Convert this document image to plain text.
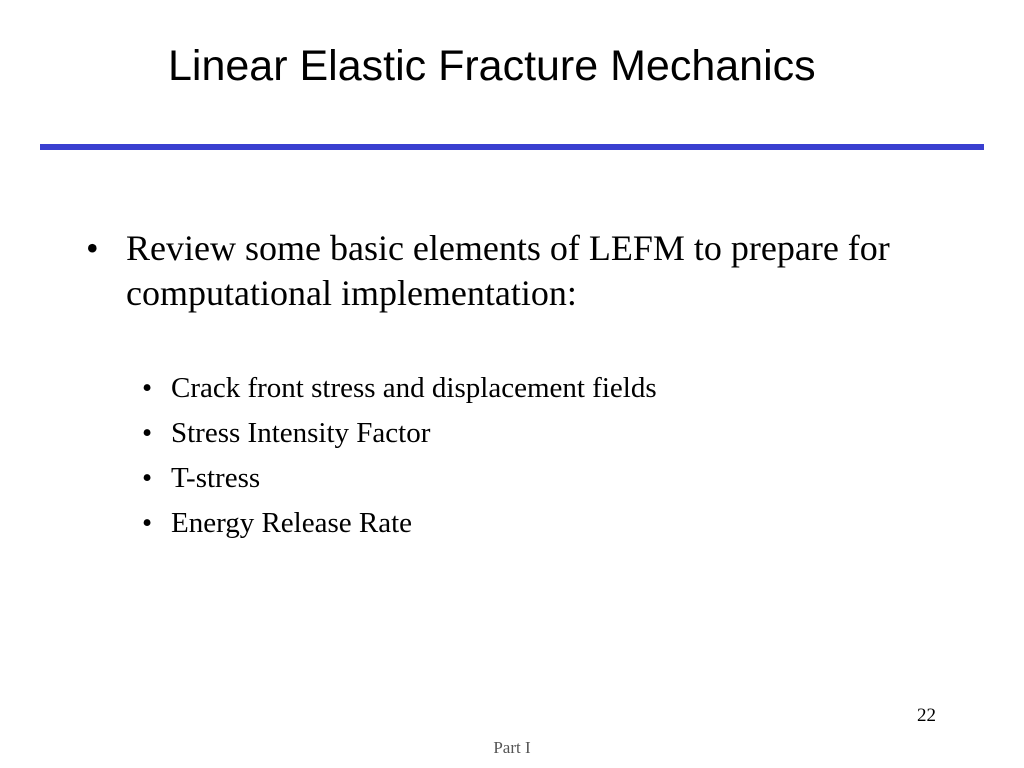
Linear Elastic Fracture Mechanics
• Review some basic elements of LEFM to prepare for computational implementation:
• Crack front stress and displacement fields
• Stress Intensity Factor
• T-stress
• Energy Release Rate
22
Part I
